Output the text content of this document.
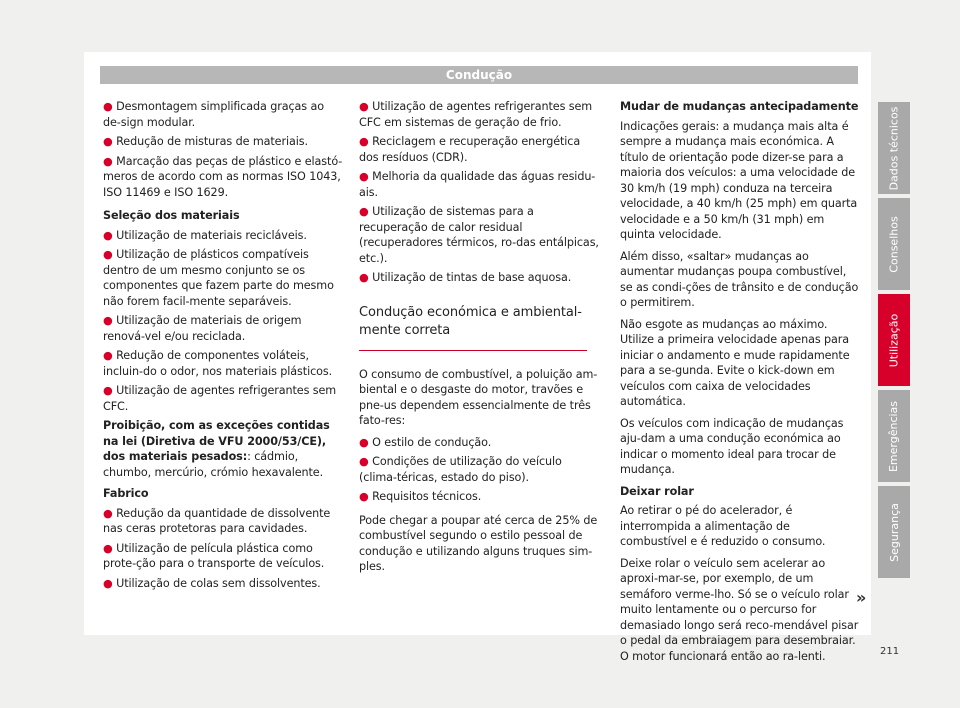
Condução
● Desmontagem simplificada graças ao de-sign modular.
● Redução de misturas de materiais.
● Marcação das peças de plástico e elastó-meros de acordo com as normas ISO 1043, ISO 11469 e ISO 1629.
Seleção dos materiais
● Utilização de materiais recicláveis.
● Utilização de plásticos compatíveis dentro de um mesmo conjunto se os componentes que fazem parte do mesmo não forem facil-mente separáveis.
● Utilização de materiais de origem renová-vel e/ou reciclada.
● Redução de componentes voláteis, incluin-do o odor, nos materiais plásticos.
● Utilização de agentes refrigerantes sem CFC.

Proibição, com as exceções contidas na lei (Diretiva de VFU 2000/53/CE), dos materiais pesados:: cádmio, chumbo, mercúrio, crómio hexavalente.

Fabrico
● Redução da quantidade de dissolvente nas ceras protetoras para cavidades.
● Utilização de película plástica como prote-ção para o transporte de veículos.
● Utilização de colas sem dissolventes.
● Utilização de agentes refrigerantes sem CFC em sistemas de geração de frio.
● Reciclagem e recuperação energética dos resíduos (CDR).
● Melhoria da qualidade das águas residu-ais.
● Utilização de sistemas para a recuperação de calor residual (recuperadores térmicos, ro-das entálpicas, etc.).
● Utilização de tintas de base aquosa.
Condução económica e ambiental-mente correta

O consumo de combustível, a poluição am-biental e o desgaste do motor, travões e pne-us dependem essencialmente de três fato-res:

● O estilo de condução.
● Condições de utilização do veículo (clima-téricas, estado do piso).
● Requisitos técnicos.

Pode chegar a poupar até cerca de 25% de combustível segundo o estilo pessoal de condução e utilizando alguns truques sim-ples.

Mudar de mudanças antecipadamente

Indicações gerais: a mudança mais alta é sempre a mudança mais económica. A título de orientação pode dizer-se para a maioria dos veículos: a uma velocidade de 30 km/h (19 mph) conduza na terceira velocidade, a 40 km/h (25 mph) em quarta velocidade e a 50 km/h (31 mph) em quinta velocidade.

Além disso, «saltar» mudanças ao aumentar mudanças poupa combustível, se as condi-ções de trânsito e de condução o permitirem.

Não esgote as mudanças ao máximo. Utilize a primeira velocidade apenas para iniciar o andamento e mude rapidamente para a se-gunda. Evite o kick-down em veículos com caixa de velocidades automática.

Os veículos com indicação de mudanças aju-dam a uma condução económica ao indicar o momento ideal para trocar de mudança.

Deixar rolar

Ao retirar o pé do acelerador, é interrompida a alimentação de combustível e é reduzido o consumo.

Deixe rolar o veículo sem acelerar ao aproxi-mar-se, por exemplo, de um semáforo verme-lho. Só se o veículo rolar muito lentamente ou o percurso for demasiado longo será reco-mendável pisar o pedal da embraiagem para desembraiar. O motor funcionará então ao ra-lenti.

»
Dados técnicos
Conselhos
Utilização
Emergências
Segurança
211
